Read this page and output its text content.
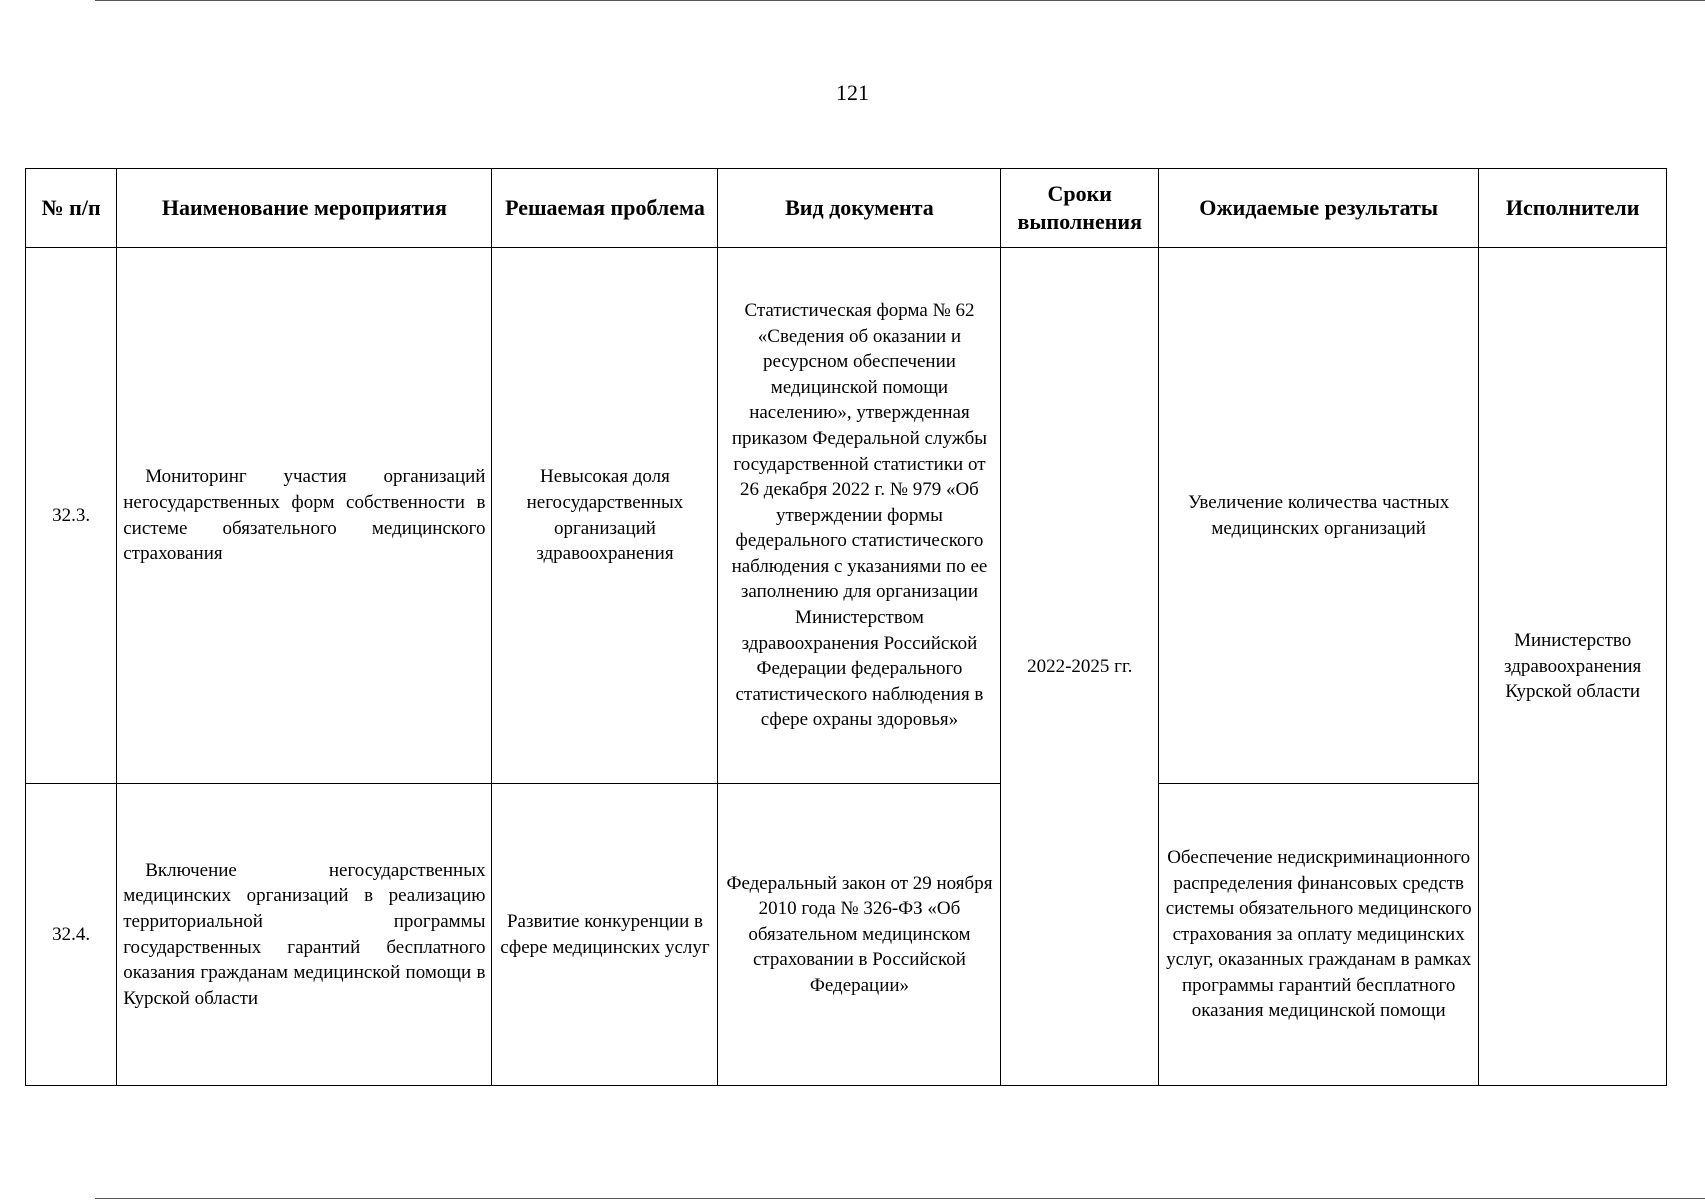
121
№ п/п	Наименование мероприятия	Решаемая проблема	Вид документа	Сроки выполнения	Ожидаемые результаты	Исполнители
32.3.	Мониторинг участия организаций негосударственных форм собственности в системе обязательного медицинского страхования	Невысокая доля негосударственных организаций здравоохранения	Статистическая форма № 62 «Сведения об оказании и ресурсном обеспечении медицинской помощи населению», утвержденная приказом Федеральной службы государственной статистики от 26 декабря 2022 г. № 979 «Об утверждении формы федерального статистического наблюдения с указаниями по ее заполнению для организации Министерством здравоохранения Российской Федерации федерального статистического наблюдения в сфере охраны здоровья»	2022-2025 гг.	Увеличение количества частных медицинских организаций	Министерство здравоохранения Курской области
32.4.	Включение негосударственных медицинских организаций в реализацию территориальной программы государственных гарантий бесплатного оказания гражданам медицинской помощи в Курской области	Развитие конкуренции в сфере медицинских услуг	Федеральный закон от 29 ноября 2010 года № 326-ФЗ «Об обязательном медицинском страховании в Российской Федерации»		Обеспечение недискриминационного распределения финансовых средств системы обязательного медицинского страхования за оплату медицинских услуг, оказанных гражданам в рамках программы гарантий бесплатного оказания медицинской помощи	
